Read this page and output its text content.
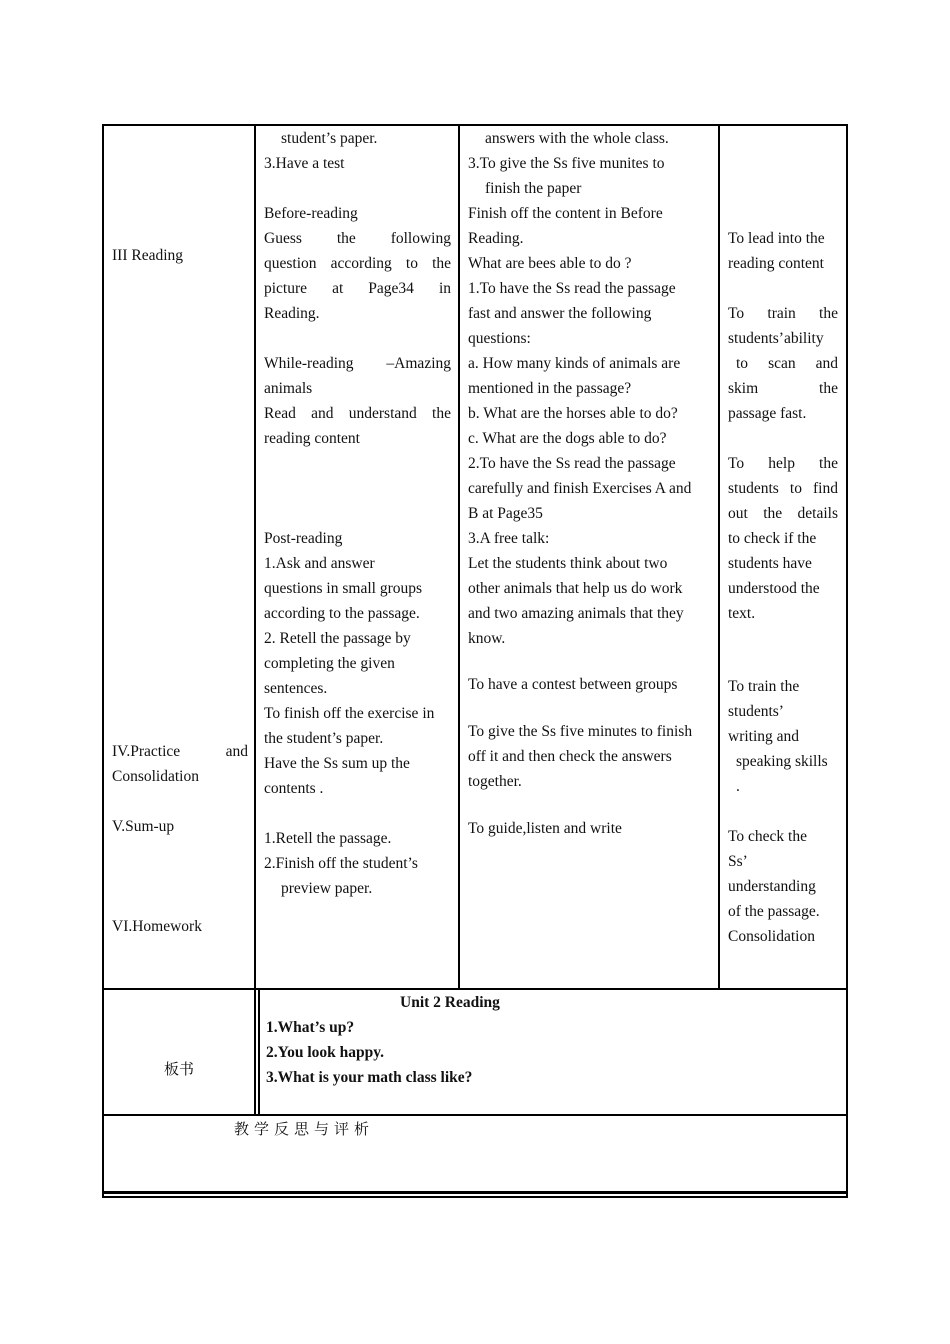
III Reading

IV.Practice	and

Consolidation

V.Sum-up

VI.Homework

student’s paper.

3.Have a test

Before-reading

Guess the following

question according to the

picture at Page34 in

Reading.

While-reading –Amazing

animals

Read and understand the

reading content

Post-reading

1.Ask and answer

questions in small groups

according to the passage.

2. Retell the passage by

completing the given

sentences.

To finish off the exercise in

the student’s paper.

Have the Ss sum up the

contents .

1.Retell the passage.

2.Finish off the student’s

preview paper.

answers with the whole class.

3.To give the Ss five munites to

finish the paper

Finish off the content in Before

Reading.

What are bees able to do ?

1.To have the Ss read the passage

fast and answer the following

questions:

a. How many kinds of animals are

mentioned in the passage?

b. What are the horses able to do?

c. What are the dogs able to do?

2.To have the Ss read the passage

carefully and finish Exercises A and

B at Page35

3.A free talk:

Let the students think about two

other animals that help us do work

and two amazing animals that they

know.

To have a contest between groups

To give the Ss five minutes to finish

off it and then check the answers

together.

To guide,listen and write

To lead into the

reading content

To train the

students’ability

to scan and

skim the

passage fast.

To help the

students to find

out the details

to check if the

students have

understood the

text.

To train the

students’

writing and

speaking skills

.

To check the

Ss’

understanding

of the passage.

Consolidation

板书
Unit 2 Reading

1.What’s up?

2.You look happy.

3.What is your math class like?

教学反思与评析
